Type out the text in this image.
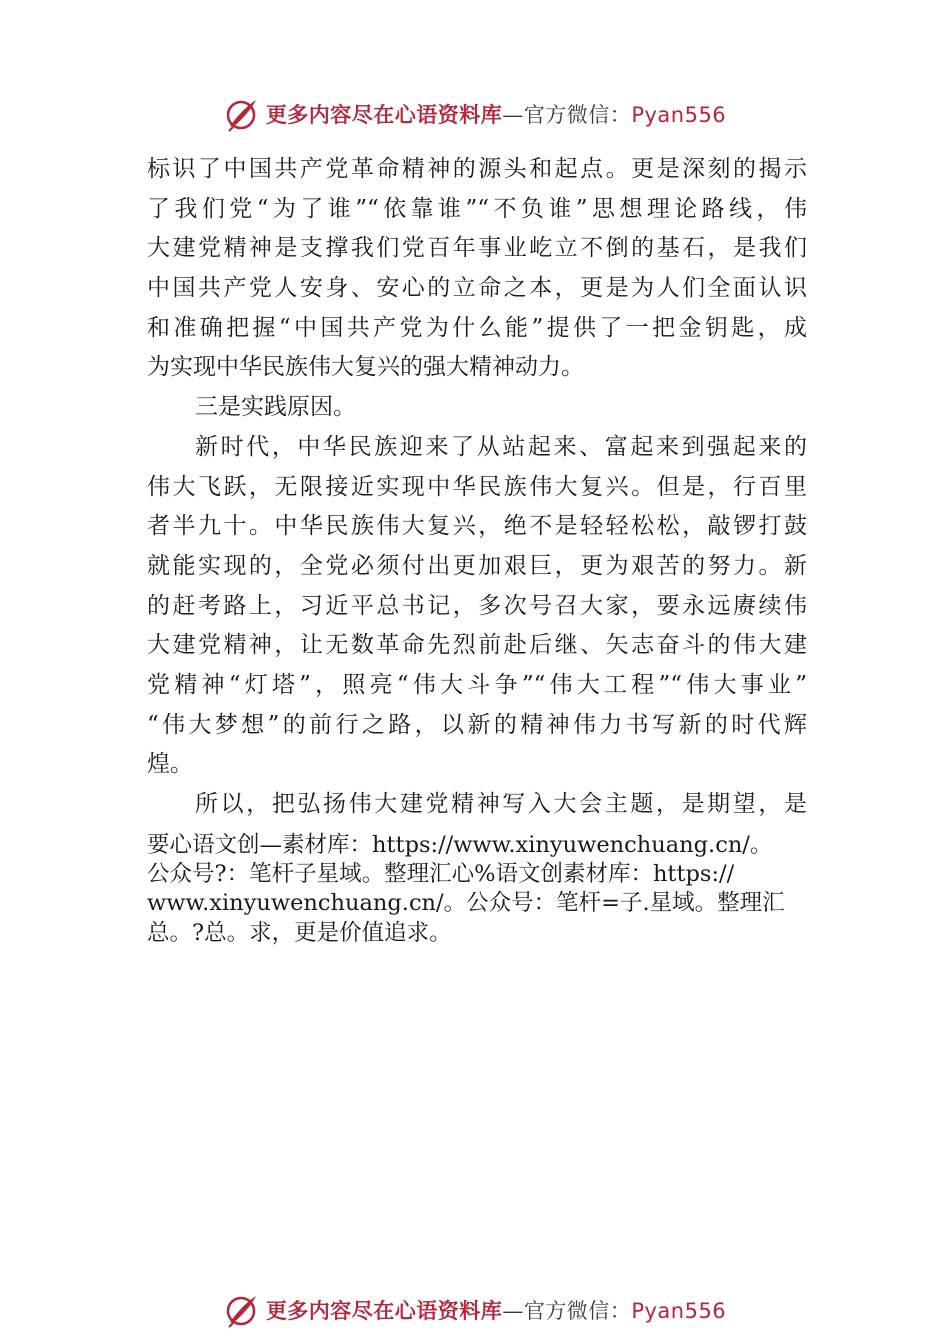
更多内容尽在心语资料库—官方微信：Pyan556
标识了中国共产党革命精神的源头和起点。更是深刻的揭示
了我们党“为了谁”“依靠谁”“不负谁”思想理论路线，伟
大建党精神是支撑我们党百年事业屹立不倒的基石，是我们
中国共产党人安身、安心的立命之本，更是为人们全面认识
和准确把握“中国共产党为什么能”提供了一把金钥匙，成
为实现中华民族伟大复兴的强大精神动力。
三是实践原因。
新时代，中华民族迎来了从站起来、富起来到强起来的
伟大飞跃，无限接近实现中华民族伟大复兴。但是，行百里
者半九十。中华民族伟大复兴，绝不是轻轻松松，敲锣打鼓
就能实现的，全党必须付出更加艰巨，更为艰苦的努力。新
的赶考路上，习近平总书记，多次号召大家，要永远赓续伟
大建党精神，让无数革命先烈前赴后继、矢志奋斗的伟大建
党精神“灯塔”，照亮“伟大斗争”“伟大工程”“伟大事业”
“伟大梦想”的前行之路，以新的精神伟力书写新的时代辉
煌。
所以，把弘扬伟大建党精神写入大会主题，是期望，是
要心语文创—素材库：https://www.xinyuwenchuang.cn/。
公众号?：笔杆子星域。整理汇心%语文创素材库：https://
www.xinyuwenchuang.cn/。公众号：笔杆=子.星域。整理汇
总。?总。求，更是价值追求。
更多内容尽在心语资料库—官方微信：Pyan556
